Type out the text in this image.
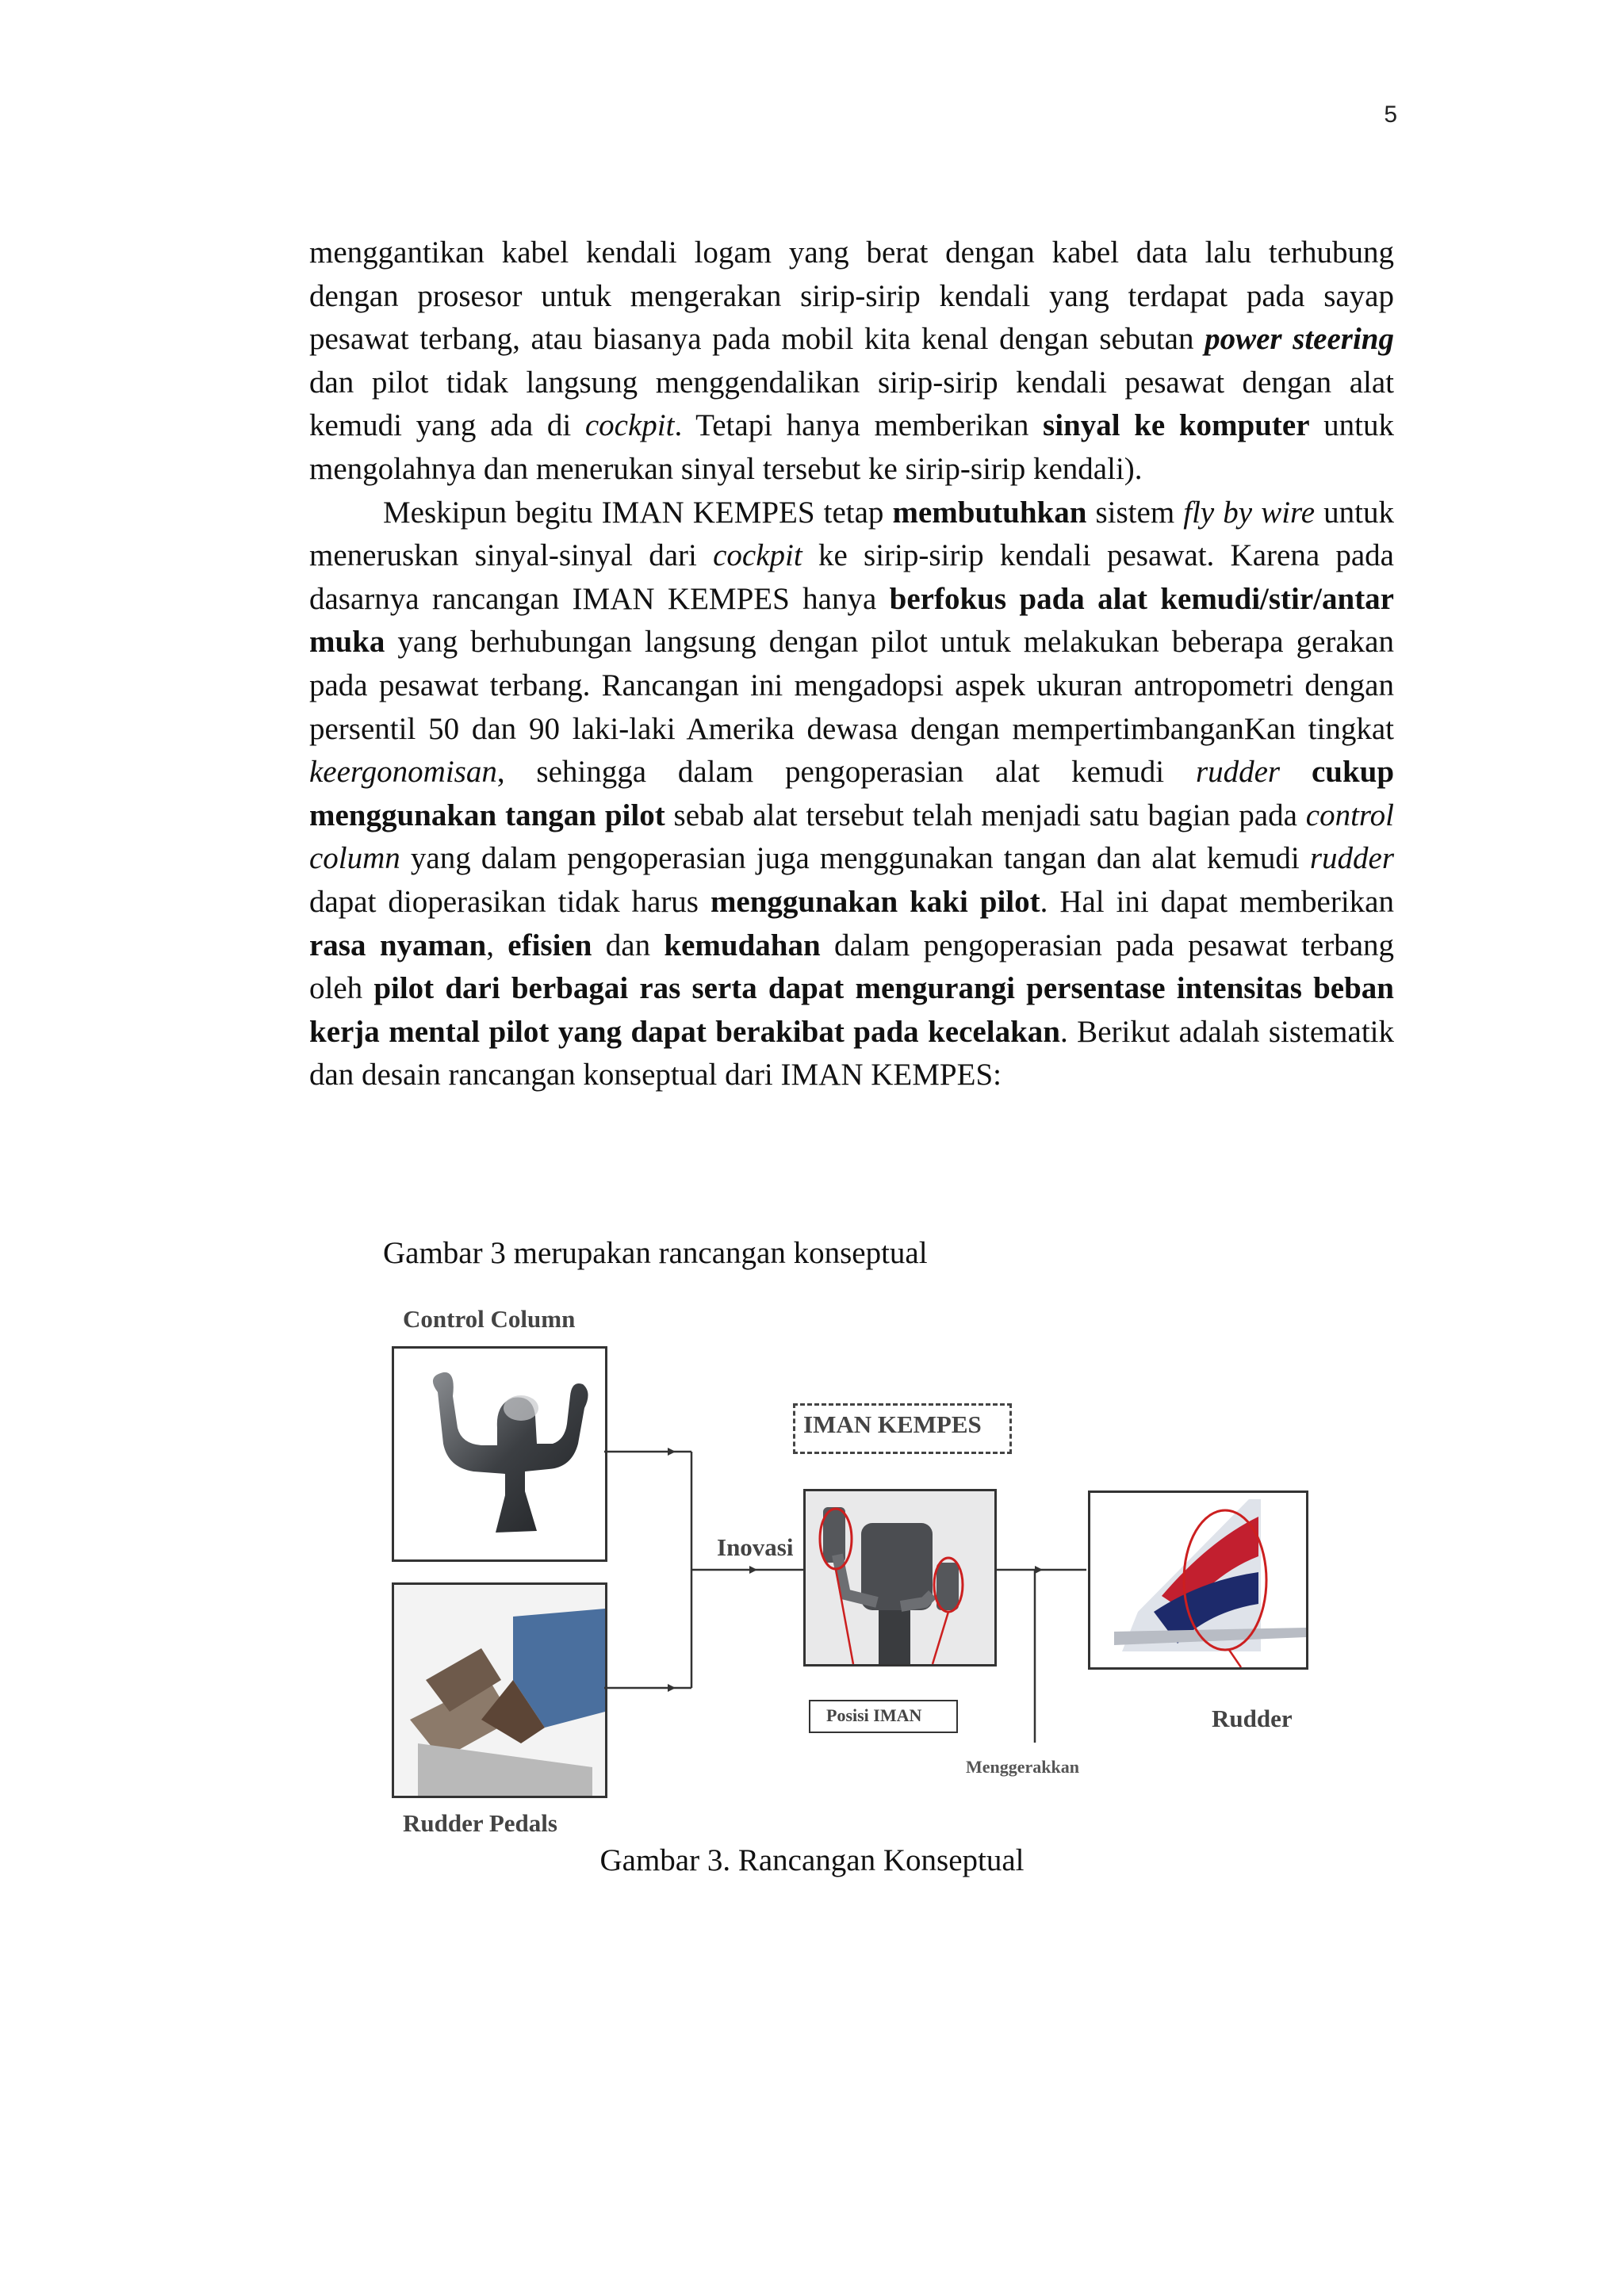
5

menggantikan kabel kendali logam yang berat dengan kabel data lalu terhubung dengan prosesor untuk mengerakan sirip-sirip kendali yang terdapat pada sayap pesawat terbang, atau biasanya pada mobil kita kenal dengan sebutan power steering dan pilot tidak langsung menggendalikan sirip-sirip kendali pesawat dengan alat kemudi yang ada di cockpit. Tetapi hanya memberikan sinyal ke komputer untuk mengolahnya dan menerukan sinyal tersebut ke sirip-sirip kendali).

Meskipun begitu IMAN KEMPES tetap membutuhkan sistem fly by wire untuk meneruskan sinyal-sinyal dari cockpit ke sirip-sirip kendali pesawat. Karena pada dasarnya rancangan IMAN KEMPES hanya berfokus pada alat kemudi/stir/antar muka yang berhubungan langsung dengan pilot untuk melakukan beberapa gerakan pada pesawat terbang. Rancangan ini mengadopsi aspek ukuran antropometri dengan persentil 50 dan 90 laki-laki Amerika dewasa dengan mempertimbanganKan tingkat keergonomisan, sehingga dalam pengoperasian alat kemudi rudder cukup menggunakan tangan pilot sebab alat tersebut telah menjadi satu bagian pada control column yang dalam pengoperasian juga menggunakan tangan dan alat kemudi rudder dapat dioperasikan tidak harus menggunakan kaki pilot. Hal ini dapat memberikan rasa nyaman, efisien dan kemudahan dalam pengoperasian pada pesawat terbang oleh pilot dari berbagai ras serta dapat mengurangi persentase intensitas beban kerja mental pilot yang dapat berakibat pada kecelakan. Berikut adalah sistematik dan desain rancangan konseptual dari IMAN KEMPES:

Gambar 3 merupakan rancangan konseptual
Control Column
Rudder Pedals
Inovasi
IMAN KEMPES
Posisi IMAN
Menggerakkan
Rudder
Gambar 3. Rancangan Konseptual
